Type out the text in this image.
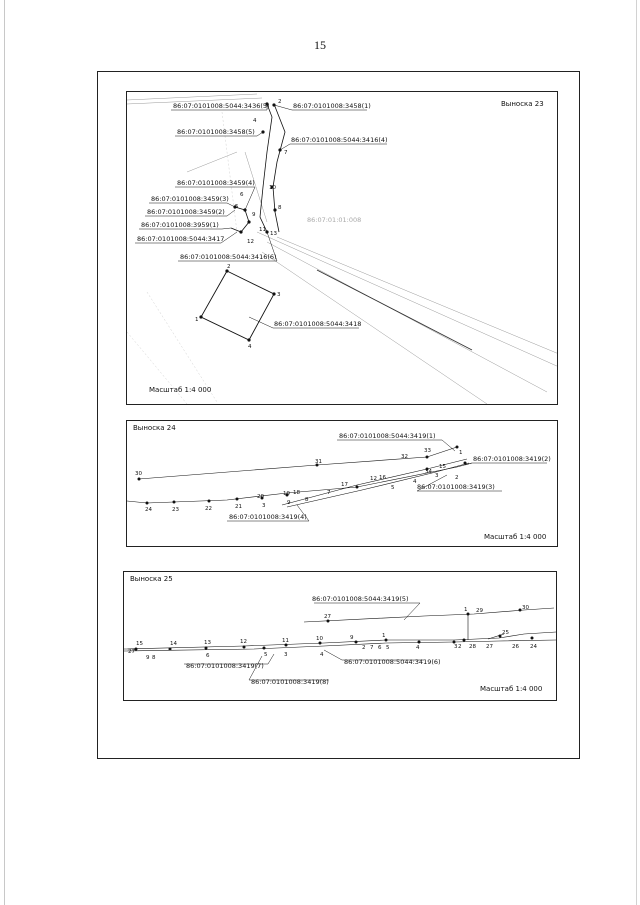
15
86:07:0101008:5044:3436(5)	86:07:0101008:3458(1)
86:07:0101008:3458(5)
86:07:0101008:5044:3416(4)
86:07:0101008:3459(4)
86:07:0101008:3459(3)
86:07:0101008:3459(2)
86:07:0101008:3959(1)
86:07:0101008:5044:3417
86:07:0101008:5044:3416(6)
86:07:0101008:5044:3418
86:07:01:01:008
2
4
7
10
8
6
5
9
11
13
12
2
3
4
1
Выноска 23
Масштаб 1:4 000
Выноска 24
86:07:0101008:5044:3419(1)
86:07:0101008:3419(2)
86:07:0101008:3419(3)
86:07:0101008:3419(4)
30
31
32
33
34
24	23	22	21
20	19 18
17
16
12
15
1
2
5
4
3
7
8
9
3
Масштаб 1:4 000
Выноска 25
86:07:0101008:5044:3419(5)
86:07:0101008:5044:3419(6)
86:07:0101008:3419(7)
86:07:0101008:3419(8)
27
1 29	30
25
24
26
27
28
2
3
4
27
15	14	13	12	11	10	9	1
9 8	6	5	3	4
2 7 6 5
Масштаб 1:4 000
